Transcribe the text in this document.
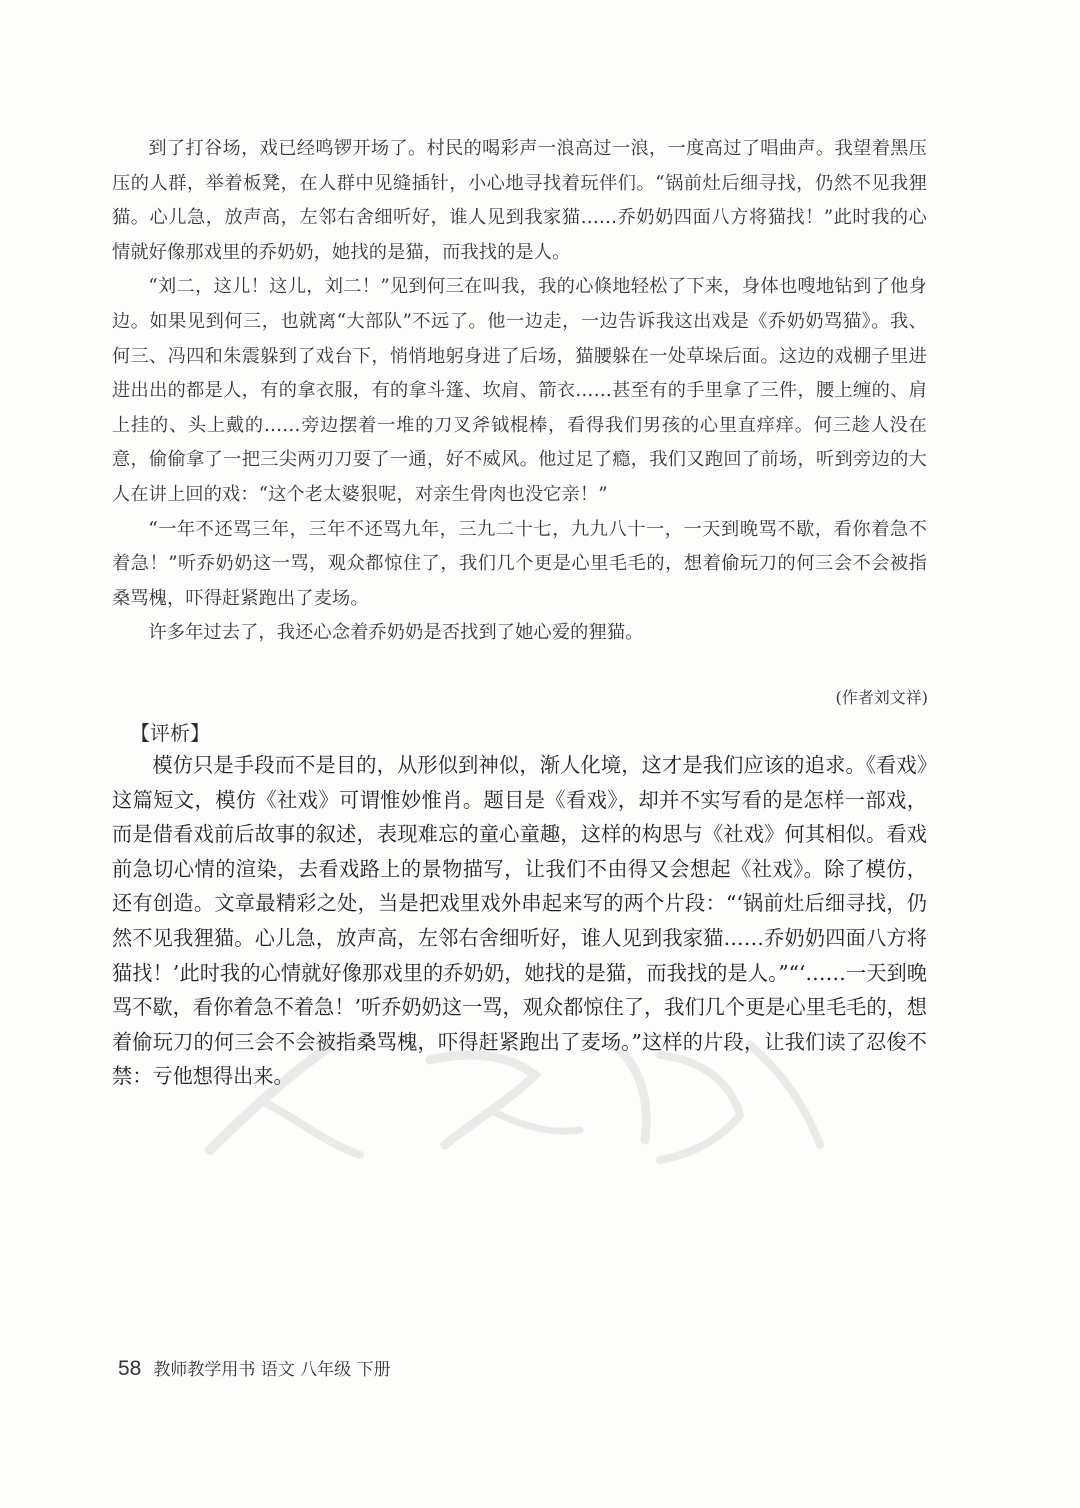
到了打谷场，戏已经鸣锣开场了。村民的喝彩声一浪高过一浪，一度高过了唱曲声。我望着黑压压的人群，举着板凳，在人群中见缝插针，小心地寻找着玩伴们。“锅前灶后细寻找，仍然不见我狸猫。心儿急，放声高，左邻右舍细听好，谁人见到我家猫……乔奶奶四面八方将猫找！”此时我的心情就好像那戏里的乔奶奶，她找的是猫，而我找的是人。

“刘二，这儿！这儿，刘二！”见到何三在叫我，我的心倏地轻松了下来，身体也嗖地钻到了他身边。如果见到何三，也就离“大部队”不远了。他一边走，一边告诉我这出戏是《乔奶奶骂猫》。我、何三、冯四和朱震躲到了戏台下，悄悄地躬身进了后场，猫腰躲在一处草垛后面。这边的戏棚子里进进出出的都是人，有的拿衣服，有的拿斗篷、坎肩、箭衣……甚至有的手里拿了三件，腰上缠的、肩上挂的、头上戴的……旁边摆着一堆的刀叉斧钺棍棒，看得我们男孩的心里直痒痒。何三趁人没在意，偷偷拿了一把三尖两刃刀耍了一通，好不威风。他过足了瘾，我们又跑回了前场，听到旁边的大人在讲上回的戏：“这个老太婆狠呢，对亲生骨肉也没它亲！”

“一年不还骂三年，三年不还骂九年，三九二十七，九九八十一，一天到晚骂不歇，看你着急不着急！”听乔奶奶这一骂，观众都惊住了，我们几个更是心里毛毛的，想着偷玩刀的何三会不会被指桑骂槐，吓得赶紧跑出了麦场。

许多年过去了，我还心念着乔奶奶是否找到了她心爱的狸猫。

(作者刘文祥)
【评析】

模仿只是手段而不是目的，从形似到神似，渐人化境，这才是我们应该的追求。《看戏》这篇短文，模仿《社戏》可谓惟妙惟肖。题目是《看戏》，却并不实写看的是怎样一部戏，而是借看戏前后故事的叙述，表现难忘的童心童趣，这样的构思与《社戏》何其相似。看戏前急切心情的渲染，去看戏路上的景物描写，让我们不由得又会想起《社戏》。除了模仿，还有创造。文章最精彩之处，当是把戏里戏外串起来写的两个片段：“‘锅前灶后细寻找，仍然不见我狸猫。心儿急，放声高，左邻右舍细听好，谁人见到我家猫……乔奶奶四面八方将猫找！’此时我的心情就好像那戏里的乔奶奶，她找的是猫，而我找的是人。”“‘……一天到晚骂不歇，看你着急不着急！’听乔奶奶这一骂，观众都惊住了，我们几个更是心里毛毛的，想着偷玩刀的何三会不会被指桑骂槐，吓得赶紧跑出了麦场。”这样的片段，让我们读了忍俊不禁：亏他想得出来。

58 教师教学用书 语文 八年级 下册
